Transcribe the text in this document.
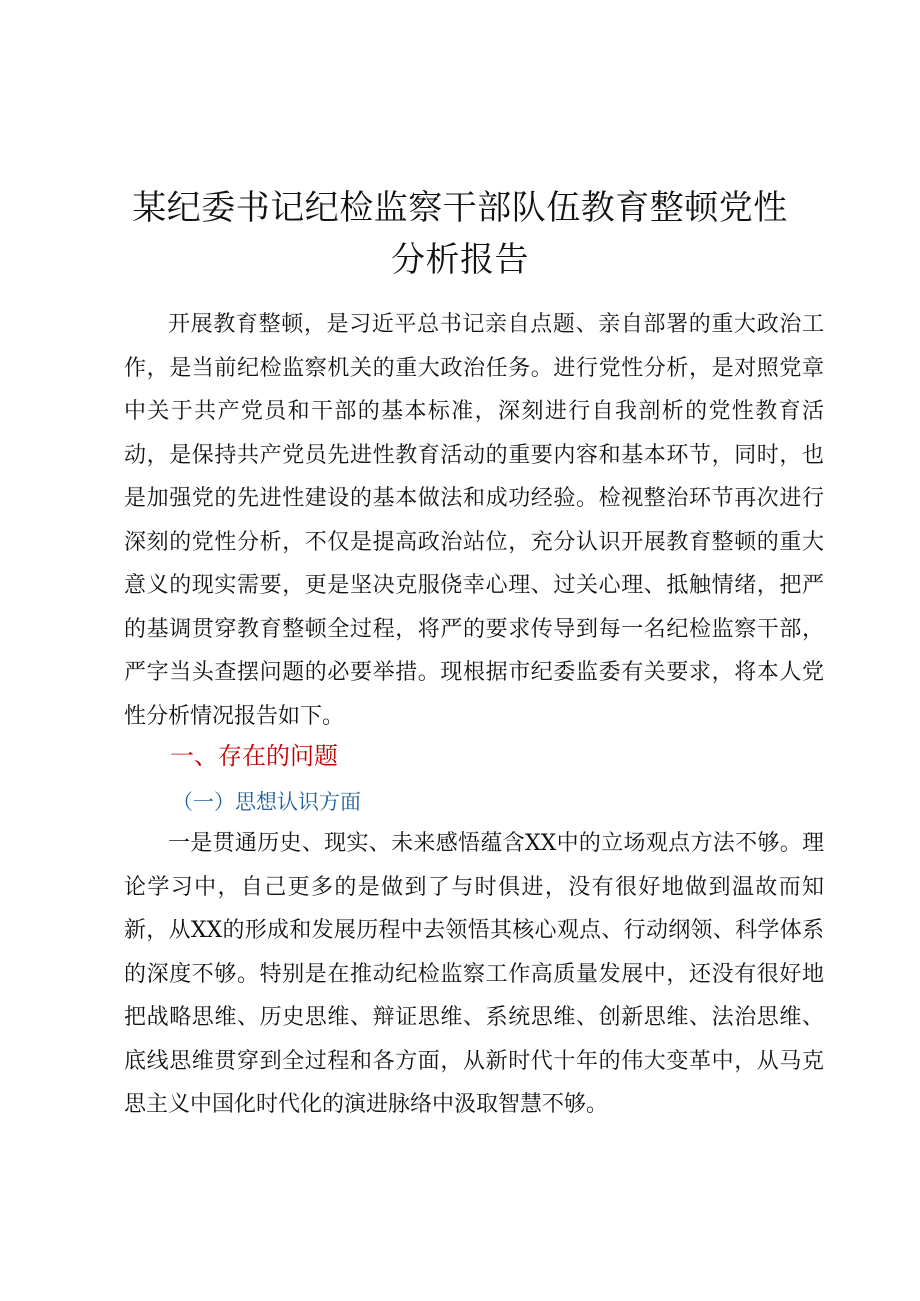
某纪委书记纪检监察干部队伍教育整顿党性
分析报告

开展教育整顿，是习近平总书记亲自点题、亲自部署的重大政治工作，是当前纪检监察机关的重大政治任务。进行党性分析，是对照党章中关于共产党员和干部的基本标准，深刻进行自我剖析的党性教育活动，是保持共产党员先进性教育活动的重要内容和基本环节，同时，也是加强党的先进性建设的基本做法和成功经验。检视整治环节再次进行深刻的党性分析，不仅是提高政治站位，充分认识开展教育整顿的重大意义的现实需要，更是坚决克服侥幸心理、过关心理、抵触情绪，把严的基调贯穿教育整顿全过程，将严的要求传导到每一名纪检监察干部，严字当头查摆问题的必要举措。现根据市纪委监委有关要求，将本人党性分析情况报告如下。

一、存在的问题
（一）思想认识方面

一是贯通历史、现实、未来感悟蕴含XX中的立场观点方法不够。理论学习中，自己更多的是做到了与时俱进，没有很好地做到温故而知新，从XX的形成和发展历程中去领悟其核心观点、行动纲领、科学体系的深度不够。特别是在推动纪检监察工作高质量发展中，还没有很好地把战略思维、历史思维、辩证思维、系统思维、创新思维、法治思维、底线思维贯穿到全过程和各方面，从新时代十年的伟大变革中，从马克思主义中国化时代化的演进脉络中汲取智慧不够。
